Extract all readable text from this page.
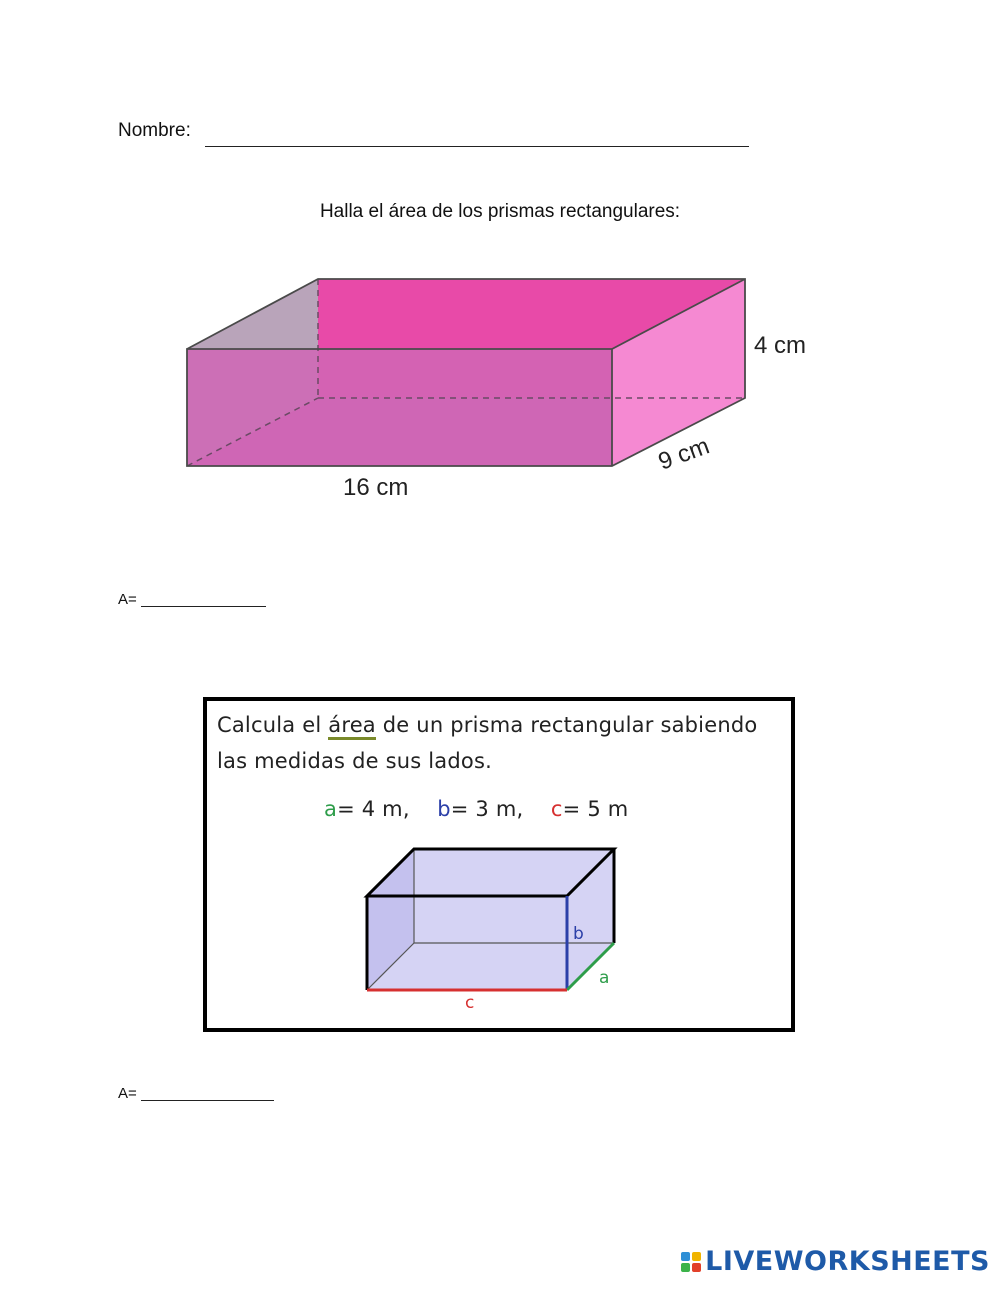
Nombre:
Halla el área de los prismas rectangulares:
4 cm
9 cm
16 cm
A=
Calcula el área de un prisma rectangular sabiendo
las medidas de sus lados.
a= 4 m, b= 3 m, c= 5 m
b
a
c
A=
LIVEWORKSHEETS
